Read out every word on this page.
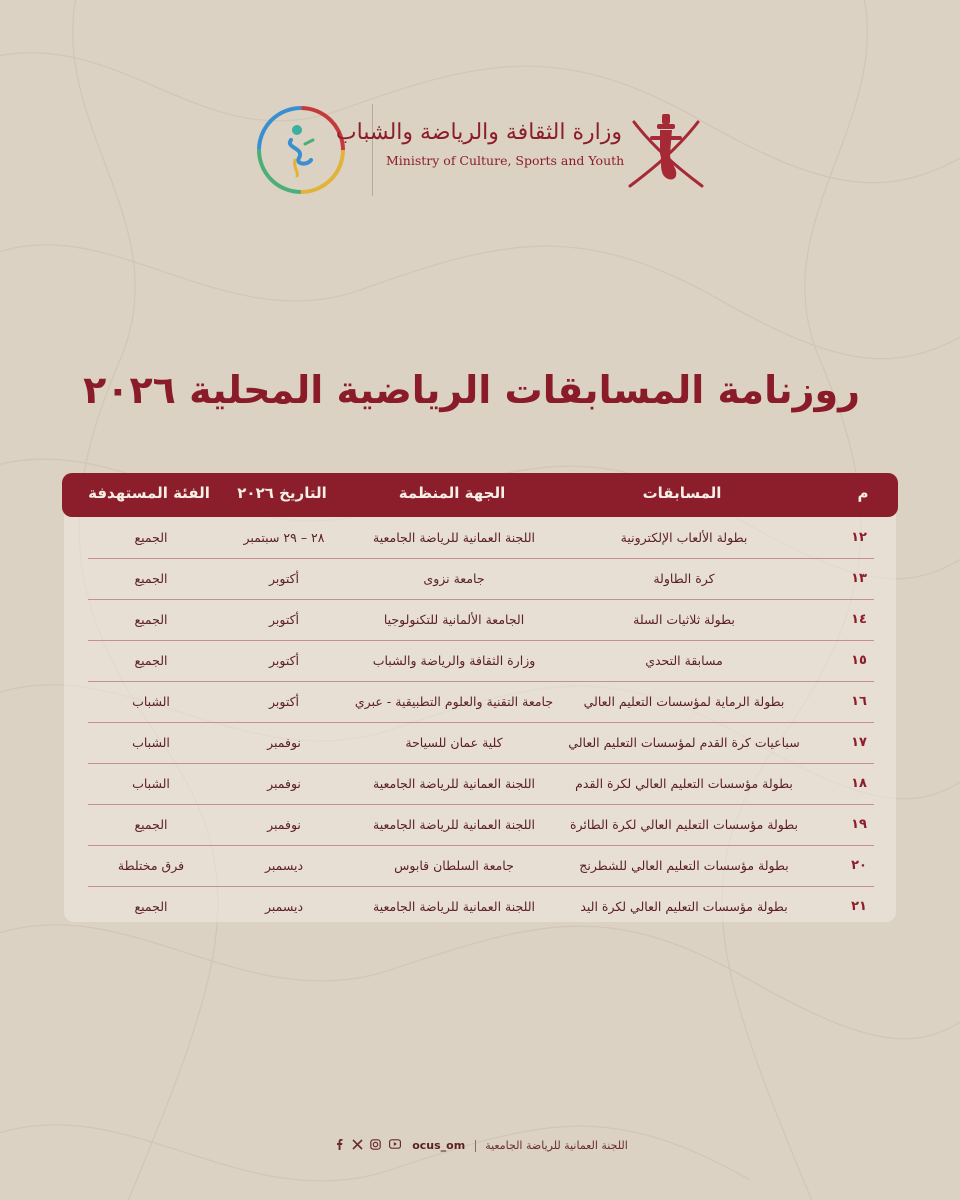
وزارة الثقافة والرياضة والشباب
Ministry of Culture, Sports and Youth
روزنامة المسابقات الرياضية المحلية ٢٠٢٦
م
المسابقات
الجهة المنظمة
التاريخ ٢٠٢٦
الفئة المستهدفة
١٢
بطولة الألعاب الإلكترونية
اللجنة العمانية للرياضة الجامعية
٢٨ – ٢٩ سبتمبر
الجميع
١٣
كرة الطاولة
جامعة نزوى
أكتوبر
الجميع
١٤
بطولة ثلاثيات السلة
الجامعة الألمانية للتكنولوجيا
أكتوبر
الجميع
١٥
مسابقة التحدي
وزارة الثقافة والرياضة والشباب
أكتوبر
الجميع
١٦
بطولة الرماية لمؤسسات التعليم العالي
جامعة التقنية والعلوم التطبيقية - عبري
أكتوبر
الشباب
١٧
سباعيات كرة القدم لمؤسسات التعليم العالي
كلية عمان للسياحة
نوفمبر
الشباب
١٨
بطولة مؤسسات التعليم العالي لكرة القدم
اللجنة العمانية للرياضة الجامعية
نوفمبر
الشباب
١٩
بطولة مؤسسات التعليم العالي لكرة الطائرة
اللجنة العمانية للرياضة الجامعية
نوفمبر
الجميع
٢٠
بطولة مؤسسات التعليم العالي للشطرنج
جامعة السلطان قابوس
ديسمبر
فرق مختلطة
٢١
بطولة مؤسسات التعليم العالي لكرة اليد
اللجنة العمانية للرياضة الجامعية
ديسمبر
الجميع
اللجنة العمانية للرياضة الجامعية  ocus_om
